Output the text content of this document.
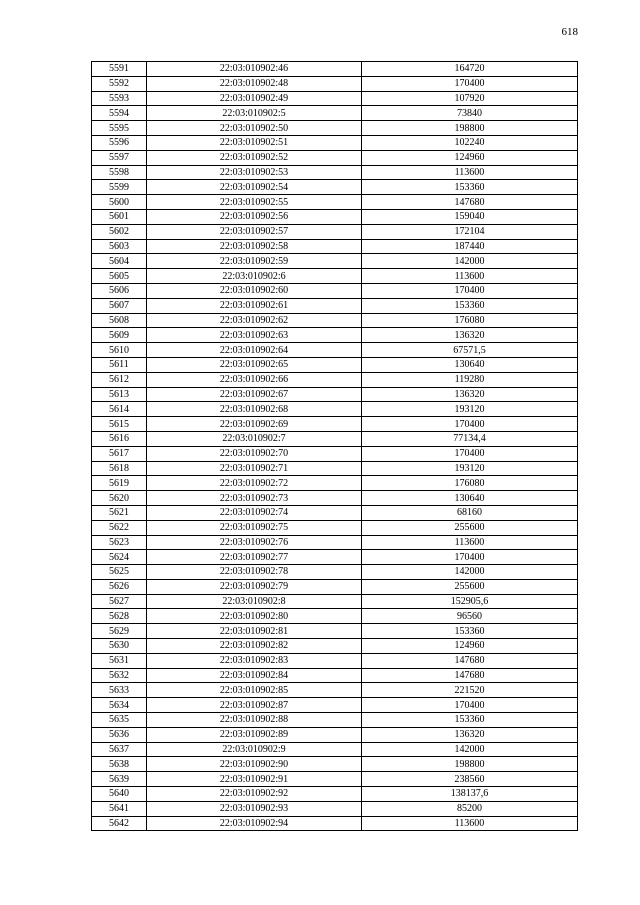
618
5591	22:03:010902:46	164720
5592	22:03:010902:48	170400
5593	22:03:010902:49	107920
5594	22:03:010902:5	73840
5595	22:03:010902:50	198800
5596	22:03:010902:51	102240
5597	22:03:010902:52	124960
5598	22:03:010902:53	113600
5599	22:03:010902:54	153360
5600	22:03:010902:55	147680
5601	22:03:010902:56	159040
5602	22:03:010902:57	172104
5603	22:03:010902:58	187440
5604	22:03:010902:59	142000
5605	22:03:010902:6	113600
5606	22:03:010902:60	170400
5607	22:03:010902:61	153360
5608	22:03:010902:62	176080
5609	22:03:010902:63	136320
5610	22:03:010902:64	67571,5
5611	22:03:010902:65	130640
5612	22:03:010902:66	119280
5613	22:03:010902:67	136320
5614	22:03:010902:68	193120
5615	22:03:010902:69	170400
5616	22:03:010902:7	77134,4
5617	22:03:010902:70	170400
5618	22:03:010902:71	193120
5619	22:03:010902:72	176080
5620	22:03:010902:73	130640
5621	22:03:010902:74	68160
5622	22:03:010902:75	255600
5623	22:03:010902:76	113600
5624	22:03:010902:77	170400
5625	22:03:010902:78	142000
5626	22:03:010902:79	255600
5627	22:03:010902:8	152905,6
5628	22:03:010902:80	96560
5629	22:03:010902:81	153360
5630	22:03:010902:82	124960
5631	22:03:010902:83	147680
5632	22:03:010902:84	147680
5633	22:03:010902:85	221520
5634	22:03:010902:87	170400
5635	22:03:010902:88	153360
5636	22:03:010902:89	136320
5637	22:03:010902:9	142000
5638	22:03:010902:90	198800
5639	22:03:010902:91	238560
5640	22:03:010902:92	138137,6
5641	22:03:010902:93	85200
5642	22:03:010902:94	113600
